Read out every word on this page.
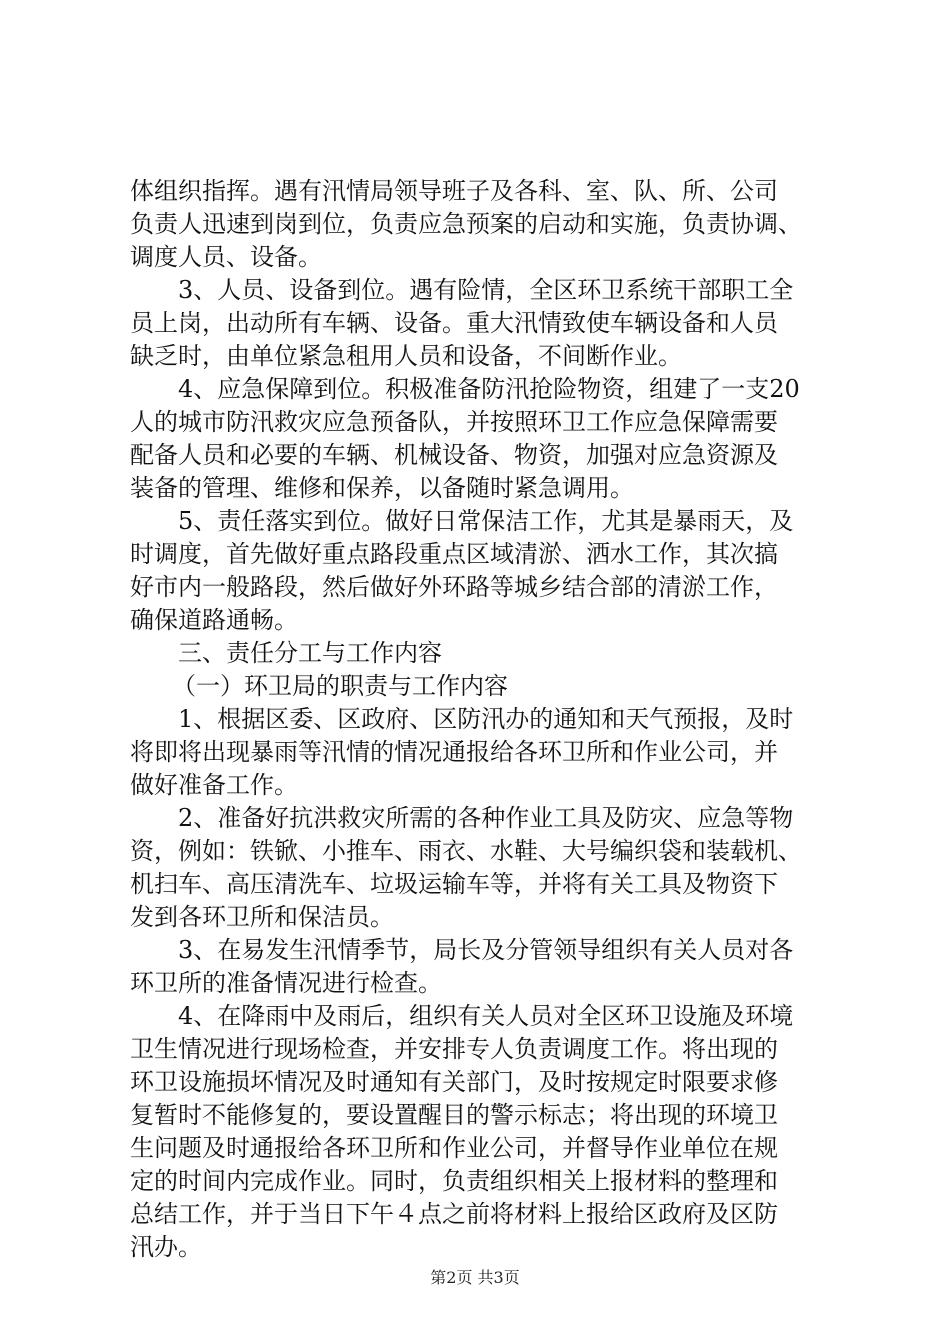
体组织指挥。遇有汛情局领导班子及各科、室、队、所、公司
负责人迅速到岗到位，负责应急预案的启动和实施，负责协调、
调度人员、设备。
3、人员、设备到位。遇有险情，全区环卫系统干部职工全
员上岗，出动所有车辆、设备。重大汛情致使车辆设备和人员
缺乏时，由单位紧急租用人员和设备，不间断作业。
4、应急保障到位。积极准备防汛抢险物资，组建了一支20
人的城市防汛救灾应急预备队，并按照环卫工作应急保障需要
配备人员和必要的车辆、机械设备、物资，加强对应急资源及
装备的管理、维修和保养，以备随时紧急调用。
5、责任落实到位。做好日常保洁工作，尤其是暴雨天，及
时调度，首先做好重点路段重点区域清淤、洒水工作，其次搞
好市内一般路段，然后做好外环路等城乡结合部的清淤工作，
确保道路通畅。
三、责任分工与工作内容
（一）环卫局的职责与工作内容
1、根据区委、区政府、区防汛办的通知和天气预报，及时
将即将出现暴雨等汛情的情况通报给各环卫所和作业公司，并
做好准备工作。
2、准备好抗洪救灾所需的各种作业工具及防灾、应急等物
资，例如：铁锨、小推车、雨衣、水鞋、大号编织袋和装载机、
机扫车、高压清洗车、垃圾运输车等，并将有关工具及物资下
发到各环卫所和保洁员。
3、在易发生汛情季节，局长及分管领导组织有关人员对各
环卫所的准备情况进行检查。
4、在降雨中及雨后，组织有关人员对全区环卫设施及环境
卫生情况进行现场检查，并安排专人负责调度工作。将出现的
环卫设施损坏情况及时通知有关部门，及时按规定时限要求修
复暂时不能修复的，要设置醒目的警示标志；将出现的环境卫
生问题及时通报给各环卫所和作业公司，并督导作业单位在规
定的时间内完成作业。同时，负责组织相关上报材料的整理和
总结工作，并于当日下午４点之前将材料上报给区政府及区防
汛办。
第2页 共3页
